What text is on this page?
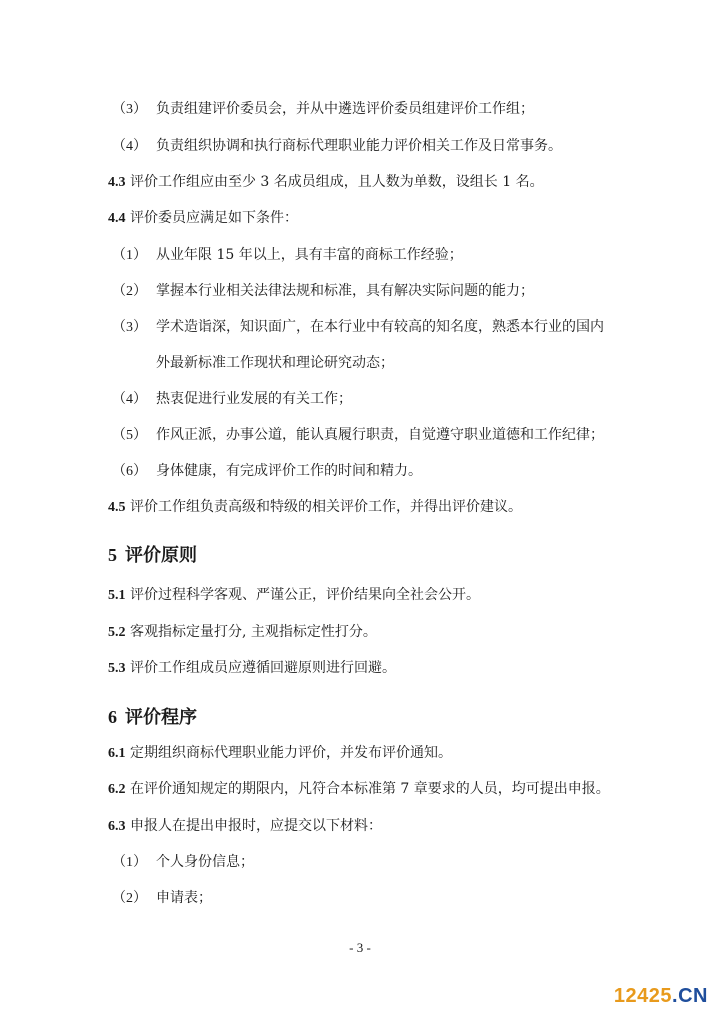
（3） 负责组建评价委员会，并从中遴选评价委员组建评价工作组；
（4） 负责组织协调和执行商标代理职业能力评价相关工作及日常事务。
4.3 评价工作组应由至少 3 名成员组成，且人数为单数，设组长 1 名。
4.4 评价委员应满足如下条件：
（1） 从业年限 15 年以上，具有丰富的商标工作经验；
（2） 掌握本行业相关法律法规和标准，具有解决实际问题的能力；
（3） 学术造诣深，知识面广，在本行业中有较高的知名度，熟悉本行业的国内
外最新标准工作现状和理论研究动态；
（4） 热衷促进行业发展的有关工作；
（5） 作风正派，办事公道，能认真履行职责，自觉遵守职业道德和工作纪律；
（6） 身体健康，有完成评价工作的时间和精力。
4.5 评价工作组负责高级和特级的相关评价工作，并得出评价建议。
5 评价原则
5.1 评价过程科学客观、严谨公正，评价结果向全社会公开。
5.2 客观指标定量打分, 主观指标定性打分。
5.3 评价工作组成员应遵循回避原则进行回避。
6 评价程序
6.1 定期组织商标代理职业能力评价，并发布评价通知。
6.2 在评价通知规定的期限内，凡符合本标准第 7 章要求的人员，均可提出申报。
6.3 申报人在提出申报时，应提交以下材料：
（1） 个人身份信息；
（2） 申请表；
- 3 -
12425.CN
